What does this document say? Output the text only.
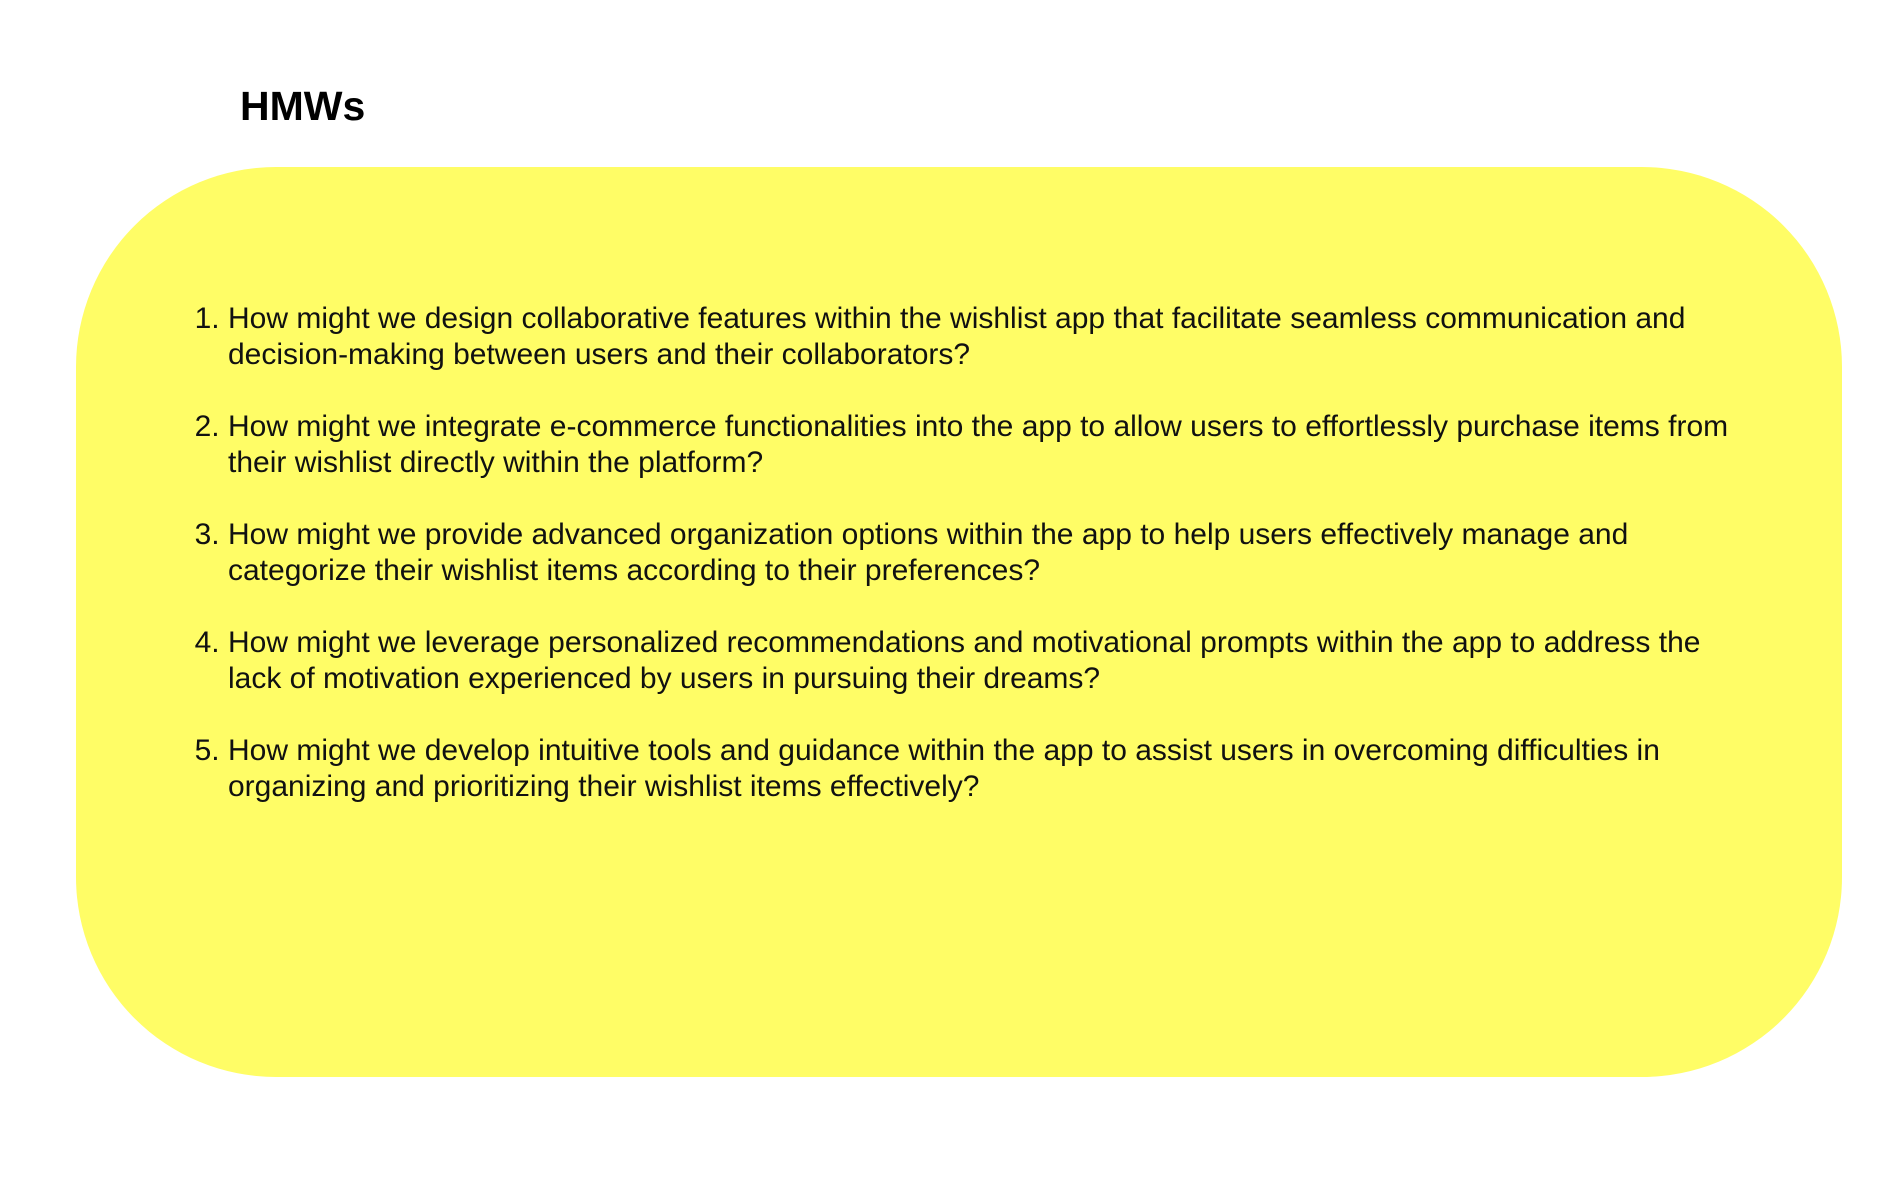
HMWs
1. How might we design collaborative features within the wishlist app that facilitate seamless communication and decision-making between users and their collaborators?
2. How might we integrate e-commerce functionalities into the app to allow users to effortlessly purchase items from their wishlist directly within the platform?
3. How might we provide advanced organization options within the app to help users effectively manage and categorize their wishlist items according to their preferences?
4. How might we leverage personalized recommendations and motivational prompts within the app to address the lack of motivation experienced by users in pursuing their dreams?
5. How might we develop intuitive tools and guidance within the app to assist users in overcoming difficulties in organizing and prioritizing their wishlist items effectively?
